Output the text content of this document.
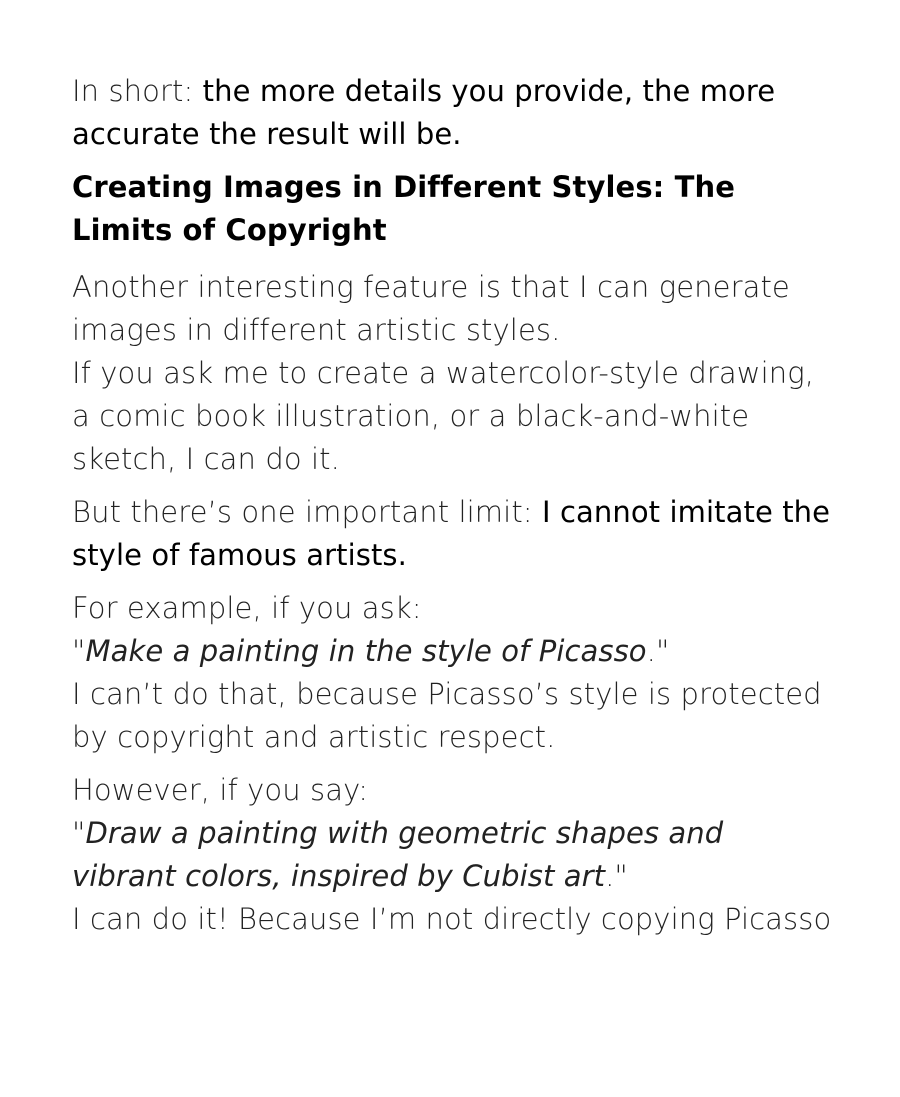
In short: the more details you provide, the more accurate the result will be.

Creating Images in Different Styles: The Limits of Copyright

Another interesting feature is that I can generate images in different artistic styles.
If you ask me to create a watercolor-style drawing, a comic book illustration, or a black-and-white sketch, I can do it.

But there’s one important limit: I cannot imitate the style of famous artists.

For example, if you ask:
"Make a painting in the style of Picasso."
I can’t do that, because Picasso’s style is protected by copyright and artistic respect.

However, if you say:
"Draw a painting with geometric shapes and vibrant colors, inspired by Cubist art."
I can do it! Because I’m not directly copying Picasso
